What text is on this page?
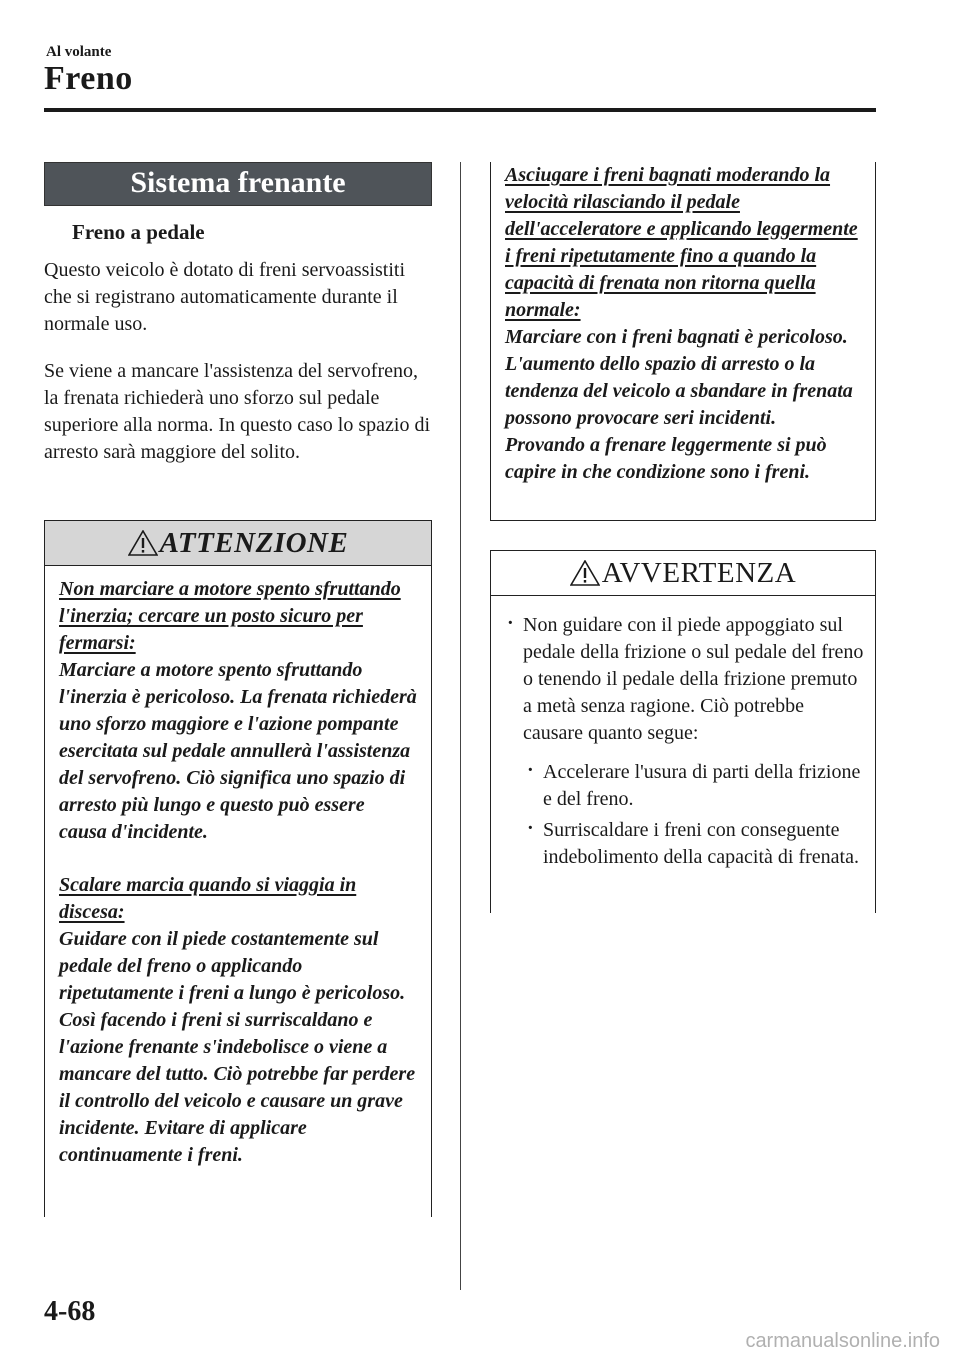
Al volante
Freno
Sistema frenante
Freno a pedale

Questo veicolo è dotato di freni servoassistiti che si registrano automaticamente durante il normale uso.

Se viene a mancare l'assistenza del servofreno, la frenata richiederà uno sforzo sul pedale superiore alla norma. In questo caso lo spazio di arresto sarà maggiore del solito.

ATTENZIONE
Non marciare a motore spento sfruttando l'inerzia; cercare un posto sicuro per fermarsi:
Marciare a motore spento sfruttando l'inerzia è pericoloso. La frenata richiederà uno sforzo maggiore e l'azione pompante esercitata sul pedale annullerà l'assistenza del servofreno. Ciò significa uno spazio di arresto più lungo e questo può essere causa d'incidente.
Scalare marcia quando si viaggia in discesa:
Guidare con il piede costantemente sul pedale del freno o applicando ripetutamente i freni a lungo è pericoloso. Così facendo i freni si surriscaldano e l'azione frenante s'indebolisce o viene a mancare del tutto. Ciò potrebbe far perdere il controllo del veicolo e causare un grave incidente. Evitare di applicare continuamente i freni.
Asciugare i freni bagnati moderando la velocità rilasciando il pedale dell'acceleratore e applicando leggermente i freni ripetutamente fino a quando la capacità di frenata non ritorna quella normale:
Marciare con i freni bagnati è pericoloso. L'aumento dello spazio di arresto o la tendenza del veicolo a sbandare in frenata possono provocare seri incidenti. Provando a frenare leggermente si può capire in che condizione sono i freni.
AVVERTENZA
· Non guidare con il piede appoggiato sul pedale della frizione o sul pedale del freno o tenendo il pedale della frizione premuto a metà senza ragione. Ciò potrebbe causare quanto segue:
· Accelerare l'usura di parti della frizione e del freno.
· Surriscaldare i freni con conseguente indebolimento della capacità di frenata.
4-68
carmanualsonline.info
